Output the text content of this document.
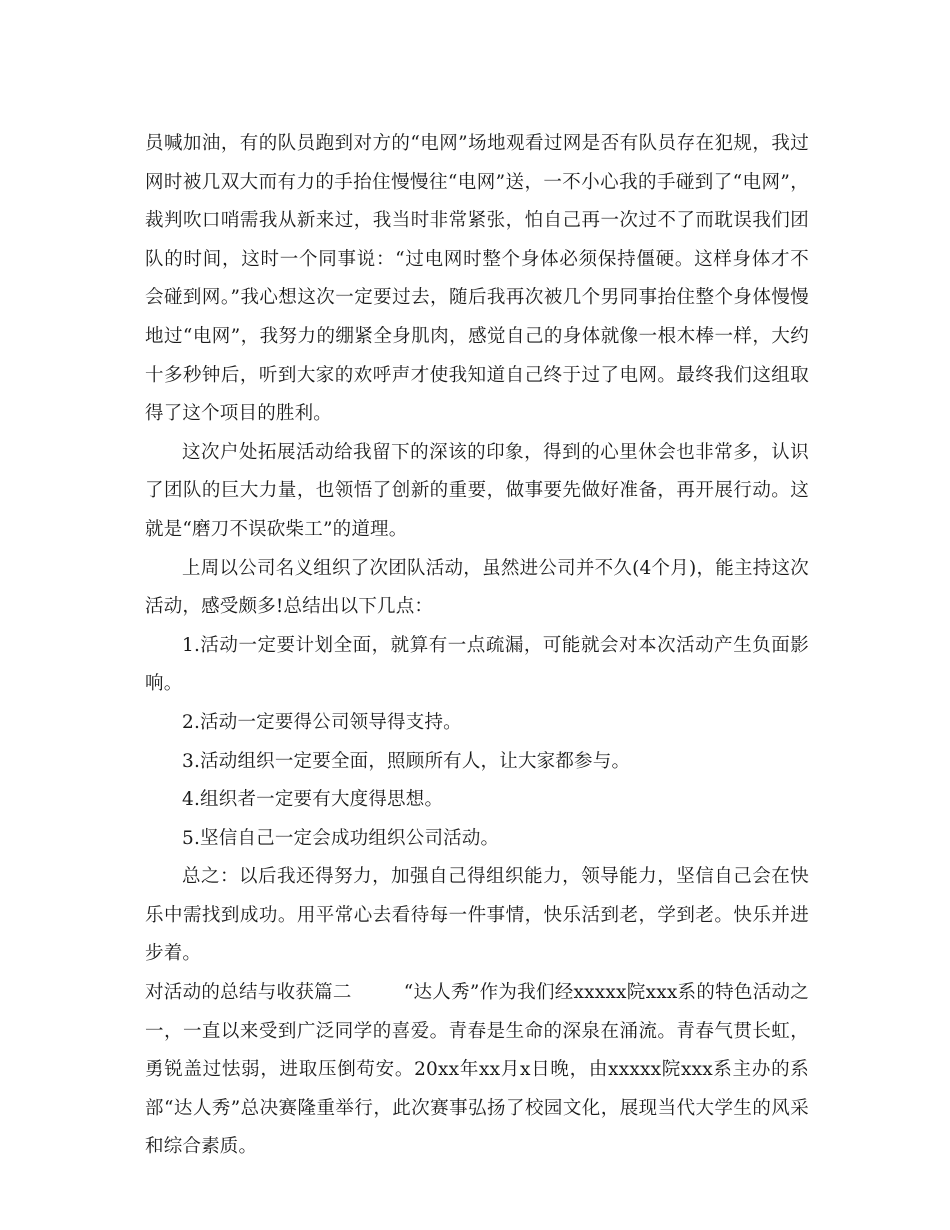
员喊加油，有的队员跑到对方的“电网”场地观看过网是否有队员存在犯规，我过网时被几双大而有力的手抬住慢慢往“电网”送，一不小心我的手碰到了“电网”，裁判吹口哨需我从新来过，我当时非常紧张，怕自己再一次过不了而耽误我们团队的时间，这时一个同事说：“过电网时整个身体必须保持僵硬。这样身体才不会碰到网。”我心想这次一定要过去，随后我再次被几个男同事抬住整个身体慢慢地过“电网”，我努力的绷紧全身肌肉，感觉自己的身体就像一根木棒一样，大约十多秒钟后，听到大家的欢呼声才使我知道自己终于过了电网。最终我们这组取得了这个项目的胜利。

这次户处拓展活动给我留下的深该的印象，得到的心里休会也非常多，认识了团队的巨大力量，也领悟了创新的重要，做事要先做好准备，再开展行动。这就是“磨刀不误砍柴工”的道理。

上周以公司名义组织了次团队活动，虽然进公司并不久(4个月)，能主持这次活动，感受颇多!总结出以下几点：

1.活动一定要计划全面，就算有一点疏漏，可能就会对本次活动产生负面影响。

2.活动一定要得公司领导得支持。

3.活动组织一定要全面，照顾所有人，让大家都参与。

4.组织者一定要有大度得思想。

5.坚信自己一定会成功组织公司活动。

总之：以后我还得努力，加强自己得组织能力，领导能力，坚信自己会在快乐中需找到成功。用平常心去看待每一件事情，快乐活到老，学到老。快乐并进步着。

对活动的总结与收获篇二	“达人秀”作为我们经xxxxx院xxx系的特色活动之一，一直以来受到广泛同学的喜爱。青春是生命的深泉在涌流。青春气贯长虹，勇锐盖过怯弱，进取压倒苟安。20xx年xx月x日晚，由xxxxx院xxx系主办的系部“达人秀”总决赛隆重举行，此次赛事弘扬了校园文化，展现当代大学生的风采和综合素质。
